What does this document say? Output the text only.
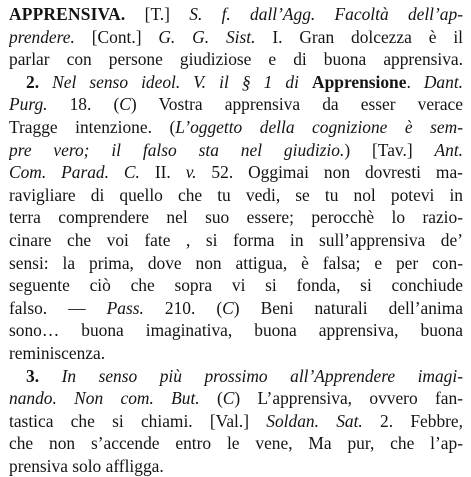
APPRENSIVA. [T.] S. f. dall’Agg. Facoltà dell’ap-
prendere. [Cont.] G. G. Sist. I. Gran dolcezza è il
parlar con persone giudiziose e di buona apprensiva.
2. Nel senso ideol. V. il § 1 di Apprensione. Dant.
Purg. 18. (C) Vostra apprensiva da esser verace
Tragge intenzione. (L’oggetto della cognizione è sem-
pre vero; il falso sta nel giudizio.) [Tav.] Ant.
Com. Parad. C. II. v. 52. Oggimai non dovresti ma-
ravigliare di quello che tu vedi, se tu nol potevi in
terra comprendere nel suo essere; perocchè lo razio-
cinare che voi fate , si forma in sull’apprensiva de’
sensi: la prima, dove non attigua, è falsa; e per con-
seguente ciò che sopra vi si fonda, si conchiude
falso. — Pass. 210. (C) Beni naturali dell’anima
sono… buona imaginativa, buona apprensiva, buona
reminiscenza.
3. In senso più prossimo all’Apprendere imagi-
nando. Non com. But. (C) L’apprensiva, ovvero fan-
tastica che si chiami. [Val.] Soldan. Sat. 2. Febbre,
che non s’accende entro le vene, Ma pur, che l’ap-
prensiva solo affligga.
